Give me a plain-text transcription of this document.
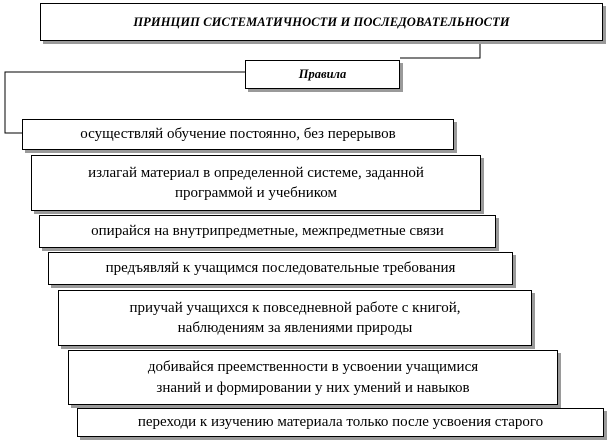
ПРИНЦИП СИСТЕМАТИЧНОСТИ И ПОСЛЕДОВАТЕЛЬНОСТИ
Правила
осуществляй обучение постоянно, без перерывов
излагай материал в определенной системе, заданной
программой и учебником
опирайся на внутрипредметные, межпредметные связи
предъявляй к учащимся последовательные требования
приучай учащихся к повседневной работе с книгой,
наблюдениям за явлениями природы
добивайся преемственности в усвоении учащимися
знаний и формировании у них умений и навыков
переходи к изучению материала только после усвоения старого
